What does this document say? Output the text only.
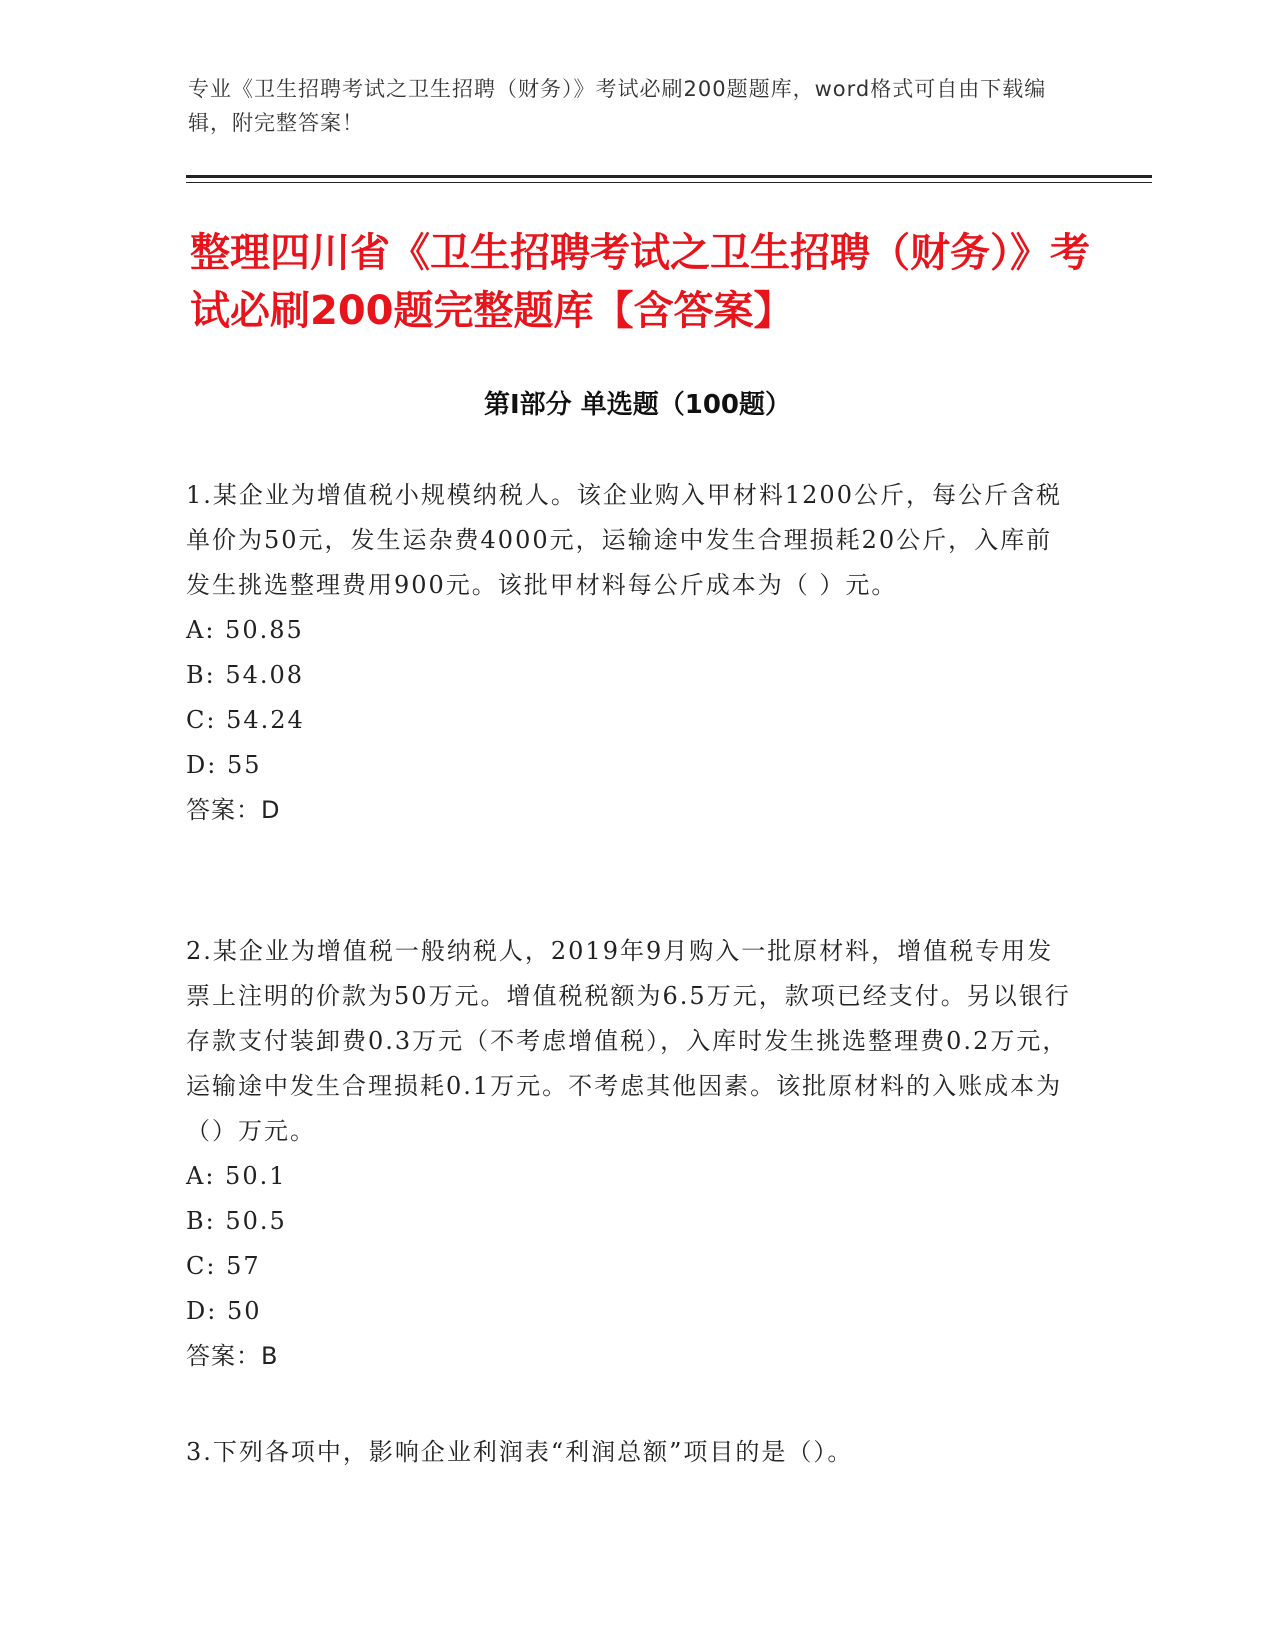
专业《卫生招聘考试之卫生招聘（财务）》考试必刷200题题库，word格式可自由下载编辑，附完整答案！
整理四川省《卫生招聘考试之卫生招聘（财务）》考试必刷200题完整题库【含答案】
第I部分 单选题（100题）

1.某企业为增值税小规模纳税人。该企业购入甲材料1200公斤，每公斤含税单价为50元，发生运杂费4000元，运输途中发生合理损耗20公斤，入库前发生挑选整理费用900元。该批甲材料每公斤成本为（ ）元。

A: 50.85
B: 54.08
C: 54.24
D: 55
答案：D

2.某企业为增值税一般纳税人，2019年9月购入一批原材料，增值税专用发票上注明的价款为50万元。增值税税额为6.5万元，款项已经支付。另以银行存款支付装卸费0.3万元（不考虑增值税），入库时发生挑选整理费0.2万元，运输途中发生合理损耗0.1万元。不考虑其他因素。该批原材料的入账成本为（）万元。

A: 50.1
B: 50.5
C: 57
D: 50
答案：B

3.下列各项中，影响企业利润表“利润总额”项目的是（）。
